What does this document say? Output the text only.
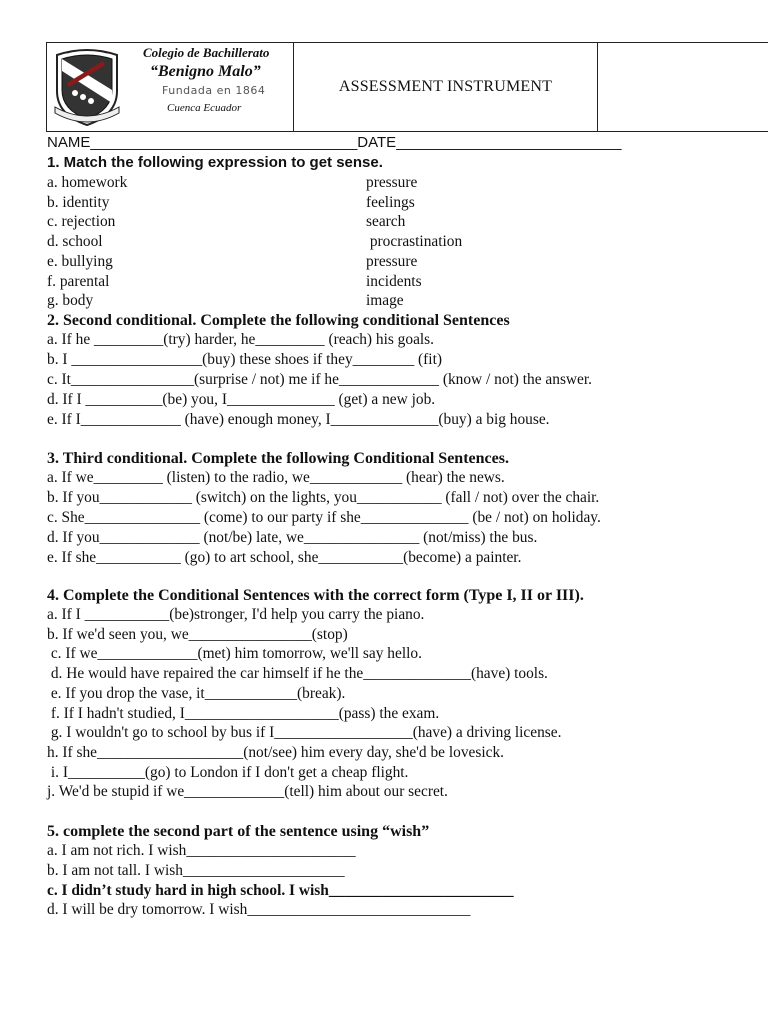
Colegio de Bachillerato
“Benigno Malo”
Fundada en 1864
Cuenca Ecuador
	ASSESSMENT INSTRUMENT	
NAME________________________________DATE___________________________
1. Match the following expression to get sense.
a. homework	pressure
b. identity	feelings
c. rejection	search
d. school	procrastination
e. bullying	pressure
f. parental	incidents
g. body	image
2. Second conditional. Complete the following conditional Sentences
a. If he _________(try) harder, he_________ (reach) his goals.
b. I _________________(buy) these shoes if they________ (fit)
c. It________________(surprise / not) me if he_____________ (know / not) the answer.
d. If I __________(be) you, I______________ (get) a new job.
e. If I_____________ (have) enough money, I______________(buy) a big house.
3. Third conditional. Complete the following Conditional Sentences.
a. If we_________ (listen) to the radio, we____________ (hear) the news.
b. If you____________ (switch) on the lights, you___________ (fall / not) over the chair.
c. She_______________ (come) to our party if she______________ (be / not) on holiday.
d. If you_____________ (not/be) late, we_______________ (not/miss) the bus.
e. If she___________ (go) to art school, she___________(become) a painter.
4. Complete the Conditional Sentences with the correct form (Type I, II or III).
a. If I ___________(be)stronger, I'd help you carry the piano.
b. If we'd seen you, we________________(stop)
c. If we_____________(met) him tomorrow, we'll say hello.
d. He would have repaired the car himself if he the______________(have) tools.
e. If you drop the vase, it____________(break).
f. If I hadn't studied, I____________________(pass) the exam.
g. I wouldn't go to school by bus if I__________________(have) a driving license.
h. If she___________________(not/see) him every day, she'd be lovesick.
i. I__________(go) to London if I don't get a cheap flight.
j. We'd be stupid if we_____________(tell) him about our secret.
5. complete the second part of the sentence using “wish”
a. I am not rich. I wish______________________
b. I am not tall. I wish_____________________
c. I didn’t study hard in high school. I wish________________________
d. I will be dry tomorrow. I wish_____________________________
